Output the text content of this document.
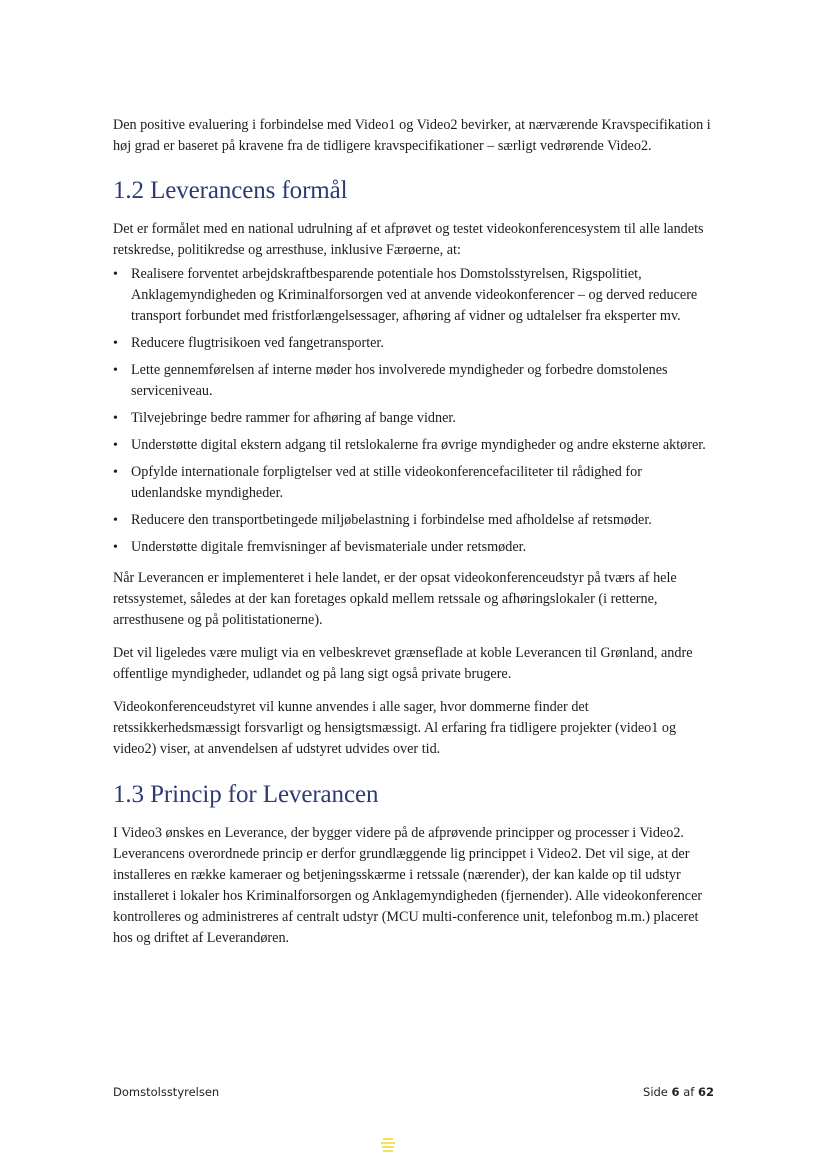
Den positive evaluering i forbindelse med Video1 og Video2 bevirker, at nærværende Kravspecifikation i høj grad er baseret på kravene fra de tidligere kravspecifikationer – særligt vedrørende Video2.

1.2 Leverancens formål

Det er formålet med en national udrulning af et afprøvet og testet videokonferencesystem til alle landets retskredse, politikredse og arresthuse, inklusive Færøerne, at:

• Realisere forventet arbejdskraftbesparende potentiale hos Domstolsstyrelsen, Rigspolitiet, Anklagemyndigheden og Kriminalforsorgen ved at anvende videokonferencer – og derved reducere transport forbundet med fristforlængelsessager, afhøring af vidner og udtalelser fra eksperter mv.
• Reducere flugtrisikoen ved fangetransporter.
• Lette gennemførelsen af interne møder hos involverede myndigheder og forbedre domstolenes serviceniveau.
• Tilvejebringe bedre rammer for afhøring af bange vidner.
• Understøtte digital ekstern adgang til retslokalerne fra øvrige myndigheder og andre eksterne aktører.
• Opfylde internationale forpligtelser ved at stille videokonferencefaciliteter til rådighed for udenlandske myndigheder.
• Reducere den transportbetingede miljøbelastning i forbindelse med afholdelse af retsmøder.
• Understøtte digitale fremvisninger af bevismateriale under retsmøder.

Når Leverancen er implementeret i hele landet, er der opsat videokonferenceudstyr på tværs af hele retssystemet, således at der kan foretages opkald mellem retssale og afhøringslokaler (i retterne, arresthusene og på politistationerne).

Det vil ligeledes være muligt via en velbeskrevet grænseflade at koble Leverancen til Grønland, andre offentlige myndigheder, udlandet og på lang sigt også private brugere.

Videokonferenceudstyret vil kunne anvendes i alle sager, hvor dommerne finder det retssikkerhedsmæssigt forsvarligt og hensigtsmæssigt. Al erfaring fra tidligere projekter (video1 og video2) viser, at anvendelsen af udstyret udvides over tid.

1.3 Princip for Leverancen

I Video3 ønskes en Leverance, der bygger videre på de afprøvende principper og processer i Video2. Leverancens overordnede princip er derfor grundlæggende lig princippet i Video2. Det vil sige, at der installeres en række kameraer og betjeningsskærme i retssale (nærender), der kan kalde op til udstyr installeret i lokaler hos Kriminalforsorgen og Anklagemyndigheden (fjernender). Alle videokonferencer kontrolleres og administreres af centralt udstyr (MCU multi-conference unit, telefonbog m.m.) placeret hos og driftet af Leverandøren.

Domstolsstyrelsen	Side 6 af 62
